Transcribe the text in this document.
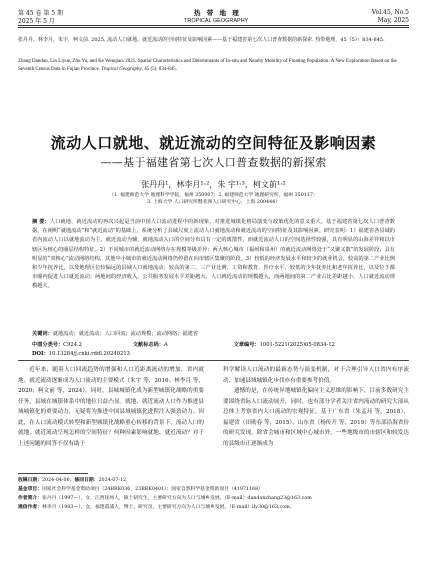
第 45 卷 第 5 期	热 带 地 理	Vol.45, No.5
2025 年 5 月	TROPICAL GEOGRAPHY	May, 2025
张丹丹，林李月，朱宇，柯文前. 2025. 流动人口就地、就近流动的空间特征及影响因素——基于福建省第七次人口普查数据的新探索. 热带地理，45（5）：834-845.
Zhang Dandan, Lin Liyue, Zhu Yu, and Ke Wenqian. 2025. Spatial Characteristics and Determinants of In-situ and Nearby Mobility of Floating Population: A New Exploration Based on the Seventh Census Data in Fujian Province. Tropical Geography, 45 (5): 834-845.
流动人口就地、就近流动的空间特征及影响因素
——基于福建省第七次人口普查数据的新探索
张丹丹¹，林李月¹·²，朱 宇¹·³，柯文前¹·²
（1. 福建师范大学 地理科学学院，福州 350007；2. 福建师范大学 地理研究所，福州 350117；
3. 上海大学 人口研究所暨亚洲人口研究中心，上海 200444）
摘 要：人口就地、就近流动的再次兴起是当前中国人口流动进程中的新现象，对推进城镇化格局演变与政策优化的意义重大。基于福建省第七次人口普查数据，在阐明“就地流动”和“就近流动”的基础上，系统分析了县域尺度上流动人口就地流动和就近流动的空间特征及其影响因素。研究表明：1）福建省各县域的省内流动人口以就地流动为主，就近流动为辅，就地流动人口的空间分布具有一定的离散性，而就近流动人口的空间选择性较强，具有明显的山海差异和以市辖区为核心的圈层结构特征。2）不同城市的就近流动网络存在规模等级差异：两大核心城市（福州和泉州）的就近流动网络处于“又聚又散”的发展阶段，具有明显的“双核心”流动网络结构，其他中小城市的就近流动网络仍停留在向市辖区集聚的阶段。3）较低的经济发展水平和较少的就业机会，较高的第二产业比例和少年抚养比，以及地理区位较偏远的县域人口就地流动；较高的第二、三产业比例，工资和教育、医疗水平，较低的少年抚养比和老年抚养比，以及位于都市圈内促进人口就近流动；两地间的经济收入、公共服务发展水平差距越大、人口就近流动的规模越大，而两地间的第二产业占比差距越小，人口就近流动规模越大。
关键词：就地流动；就近流动；人口回流；流动规模；流动网络；福建省
中图分类号：C924.2	文献标志码：A	文章编号：1001-5221(2025)05-0834-12
DOI：10.13284/j.cnki.rddl.20240213

近年来，随着人口回流趋势的增强和人口近距离流动的增加，省内就地、就近流动逐渐成为人口流动的主要模式（朱宇 等，2016；林李月 等，2020；柯文前 等，2024）。同时，县城城镇化成为新型城镇化战略的重要任务，县域在城镇体系中的地位日益凸显。就地、就近流动人口作为推进县域城镇化的重要动力，无疑将为推进中国县域城镇化进程注入强劲动力。因此，在人口流动模式转型和新型城镇化战略重心转移的背景下，流动人口的就地、就近流动呈现怎样的空间特征？何种因素影响就地、就近流动？对于上述问题的回答不仅有助于

科学解读人口流动的最新态势与演变机制，对于合理引导人口省内有序流动、加速县域城镇化步伐亦有重要参考价值。

遗憾的是，在传统异地城镇化偏向主义思维的影响下，目前多数研究主要围绕省际人口流动展开，同时，也有部分学者关注省内流动的研究大部从总体上考察省内人口流动的宏观特征。基于广东省（朱孟珏 等，2018）、福建省（田勋春 等，2015）、山东省（杨传开 等，2019）等东部沿海省份的研究发现，除省会城市和区域中心城市外，一些地级市的市辖区和较发达的县级市正逐渐成为

收稿日期：2024-04-06；修回日期：2024-07-12
基金项目：国家社会科学基金资助项目（24BRK036，23BRK0401）；国家自然科学基金资助项目（41971168）
作者简介：张丹丹（1997—），女，江西抚州人，硕士研究生，主要研究方向为人口与城乡发展，（E-mail）dandanzhang23@163.com
通信作者：林李月（1983—），女，福建霞浦人，博士，研究员，主要研究方向为人口与城乡发展，（E-mail）lly30@163.com。
